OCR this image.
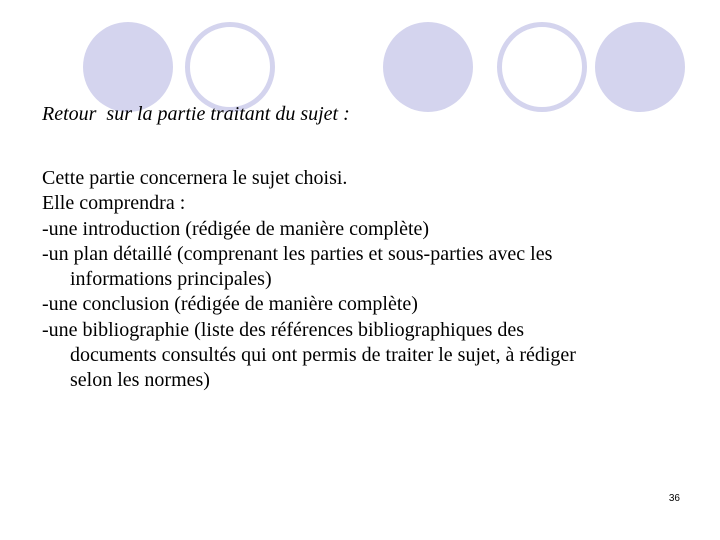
Retour  sur la partie traitant du sujet :
Cette partie concernera le sujet choisi.
Elle comprendra :
-une introduction (rédigée de manière complète)
-un plan détaillé (comprenant les parties et sous-parties avec les
informations principales)
-une conclusion (rédigée de manière complète)
-une bibliographie (liste des références bibliographiques des
documents consultés qui ont permis de traiter le sujet, à rédiger
selon les normes)
36
